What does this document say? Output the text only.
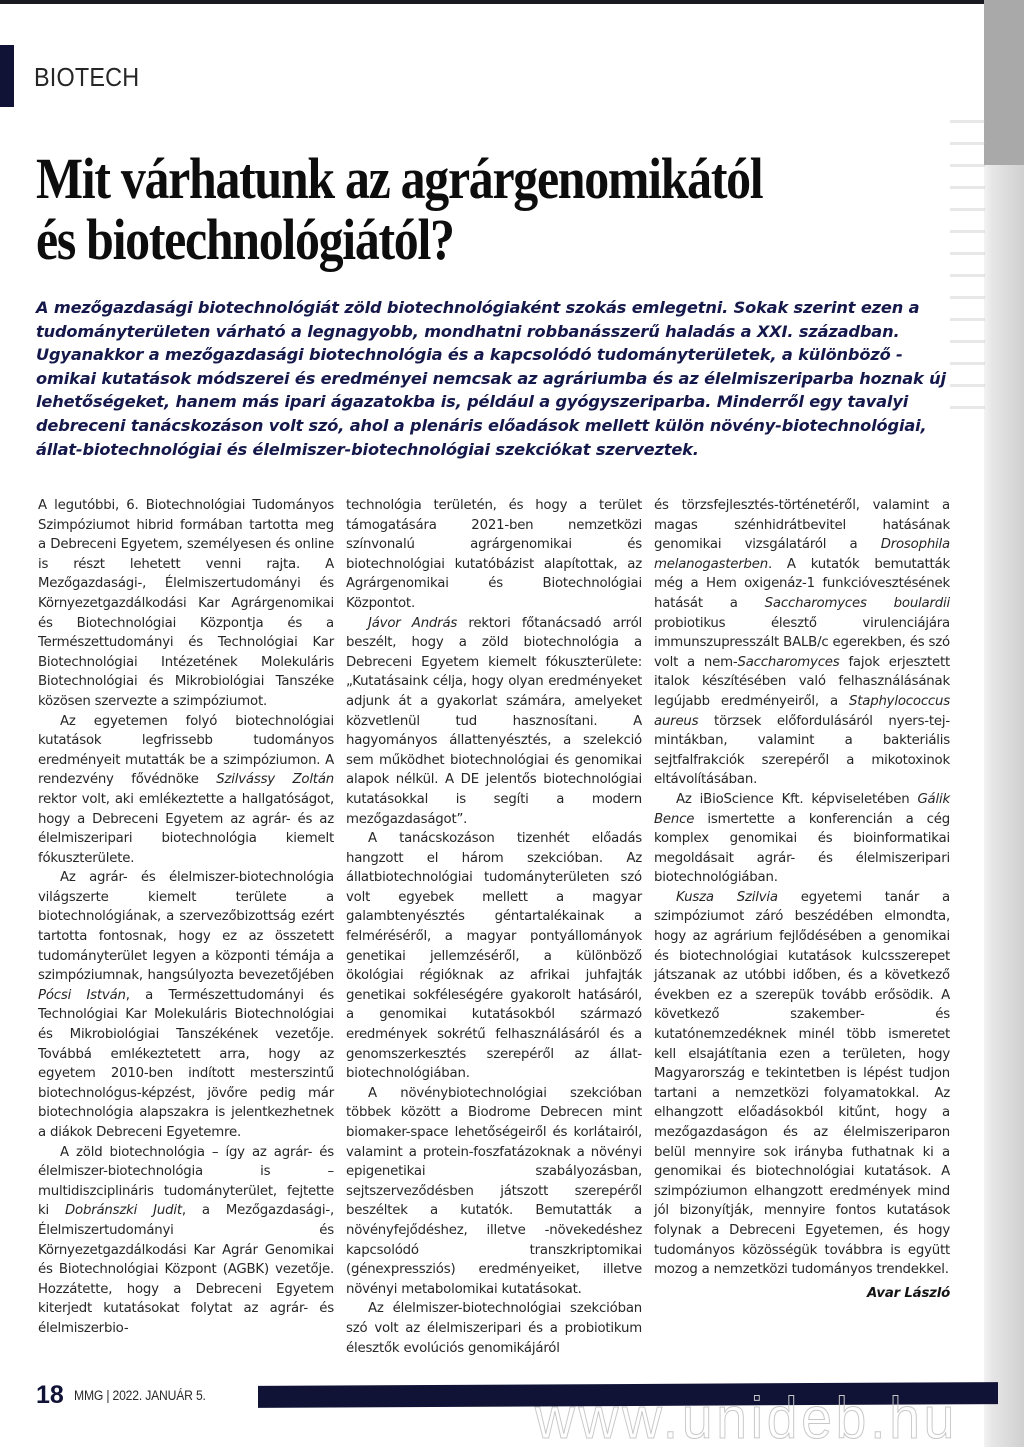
BIOTECH
Mit várhatunk az agrárgenomikától
és biotechnológiától?

A mezőgazdasági biotechnológiát zöld biotechnológiaként szokás emlegetni. Sokak szerint ezen a tudományterületen várható a legnagyobb, mondhatni robbanásszerű haladás a XXI. században. Ugyanakkor a mezőgazdasági biotechnológia és a kapcsolódó tudományterületek, a különböző -omikai kutatások módszerei és eredményei nemcsak az agráriumba és az élelmiszeriparba hoznak új lehetőségeket, hanem más ipari ágazatokba is, például a gyógyszeriparba. Minderről egy tavalyi debreceni tanácskozáson volt szó, ahol a plenáris előadások mellett külön növény-biotechnológiai, állat-biotechnológiai és élelmiszer-biotechnológiai szekciókat szerveztek.

A legutóbbi, 6. Biotechnológiai Tudományos Szimpóziumot hibrid formában tartotta meg a Debreceni Egyetem, személyesen és online is részt lehetett venni rajta. A Mezőgazdasági-, Élelmiszertudományi és Környezetgazdálkodási Kar Agrárgenomikai és Biotechnológiai Központja és a Természettudományi és Technológiai Kar Biotechnológiai Intézetének Molekuláris Biotechnológiai és Mikrobiológiai Tanszéke közösen szervezte a szimpóziumot.

Az egyetemen folyó biotechnológiai kutatások legfrissebb tudományos eredményeit mutatták be a szimpóziumon. A rendezvény fővédnöke Szilvássy Zoltán rektor volt, aki emlékeztette a hallgatóságot, hogy a Debreceni Egyetem az agrár- és az élelmiszeripari biotechnológia kiemelt fókuszterülete.

Az agrár- és élelmiszer-biotechnológia világszerte kiemelt területe a biotechnológiának, a szervezőbizottság ezért tartotta fontosnak, hogy ez az összetett tudományterület legyen a központi témája a szimpóziumnak, hangsúlyozta bevezetőjében Pócsi István, a Természettudományi és Technológiai Kar Molekuláris Biotechnológiai és Mikrobiológiai Tanszékének vezetője. Továbbá emlékeztetett arra, hogy az egyetem 2010-ben indított mesterszintű biotechnológus-képzést, jövőre pedig már biotechnológia alapszakra is jelentkezhetnek a diákok Debreceni Egyetemre.

A zöld biotechnológia – így az agrár- és élelmiszer-biotechnológia is – multidiszciplináris tudományterület, fejtette ki Dobránszki Judit, a Mezőgazdasági-, Élelmiszertudományi és Környezetgazdálkodási Kar Agrár Genomikai és Biotechnológiai Központ (AGBK) vezetője. Hozzátette, hogy a Debreceni Egyetem kiterjedt kutatásokat folytat az agrár- és élelmiszerbio-

technológia területén, és hogy a terület támogatására 2021-ben nemzetközi színvonalú agrárgenomikai és biotechnológiai kutatóbázist alapítottak, az Agrárgenomikai és Biotechnológiai Központot.

Jávor András rektori főtanácsadó arról beszélt, hogy a zöld biotechnológia a Debreceni Egyetem kiemelt fókuszterülete: „Kutatásaink célja, hogy olyan eredményeket adjunk át a gyakorlat számára, amelyeket közvetlenül tud hasznosítani. A hagyományos állattenyésztés, a szelekció sem működhet biotechnológiai és genomikai alapok nélkül. A DE jelentős biotechnológiai kutatásokkal is segíti a modern mezőgazdaságot”.

A tanácskozáson tizenhét előadás hangzott el három szekcióban. Az állatbiotechnológiai tudományterületen szó volt egyebek mellett a magyar galambtenyésztés géntartalékainak a felméréséről, a magyar pontyállományok genetikai jellemzéséről, a különböző ökológiai régióknak az afrikai juhfajták genetikai sokféleségére gyakorolt hatásáról, a genomikai kutatásokból származó eredmények sokrétű felhasználásáról és a genomszerkesztés szerepéről az állat-biotechnológiában.

A növénybiotechnológiai szekcióban többek között a Biodrome Debrecen mint biomaker-space lehetőségeiről és korlátairól, valamint a protein-foszfatázoknak a növényi epigenetikai szabályozásban, sejtszerveződésben játszott szerepéről beszéltek a kutatók. Bemutatták a növényfejődéshez, illetve -növekedéshez kapcsolódó transzkriptomikai (génexpressziós) eredményeiket, illetve növényi metabolomikai kutatásokat.

Az élelmiszer-biotechnológiai szekcióban szó volt az élelmiszeripari és a probiotikum élesztők evolúciós genomikájáról

és törzsfejlesztés-történetéről, valamint a magas szénhidrátbevitel hatásának genomikai vizsgálatáról a Drosophila melanogasterben. A kutatók bemutatták még a Hem oxigenáz-1 funkcióvesztésének hatását a Saccharomyces boulardii probiotikus élesztő virulenciájára immunszupresszált BALB/c egerekben, és szó volt a nem-Saccharomyces fajok erjesztett italok készítésében való felhasználásának legújabb eredményeiről, a Staphylococcus aureus törzsek előfordulásáról nyers-tej-mintákban, valamint a bakteriális sejtfalfrakciók szerepéről a mikotoxinok eltávolításában.

Az iBioScience Kft. képviseletében Gálik Bence ismertette a konferencián a cég komplex genomikai és bioinformatikai megoldásait agrár- és élelmiszeripari biotechnológiában.

Kusza Szilvia egyetemi tanár a szimpóziumot záró beszédében elmondta, hogy az agrárium fejlődésében a genomikai és biotechnológiai kutatások kulcsszerepet játszanak az utóbbi időben, és a következő években ez a szerepük tovább erősödik. A következő szakember- és kutatónemzedéknek minél több ismeretet kell elsajátítania ezen a területen, hogy Magyarország e tekintetben is lépést tudjon tartani a nemzetközi folyamatokkal. Az elhangzott előadásokból kitűnt, hogy a mezőgazdaságon és az élelmiszeriparon belül mennyire sok irányba futhatnak ki a genomikai és biotechnológiai kutatások. A szimpóziumon elhangzott eredmények mind jól bizonyítják, mennyire fontos kutatások folynak a Debreceni Egyetemen, és hogy tudományos közösségük továbbra is együtt mozog a nemzetközi tudományos trendekkel.

Avar László

18 MMG | 2022. JANUÁR 5.	www.unideb.hu
